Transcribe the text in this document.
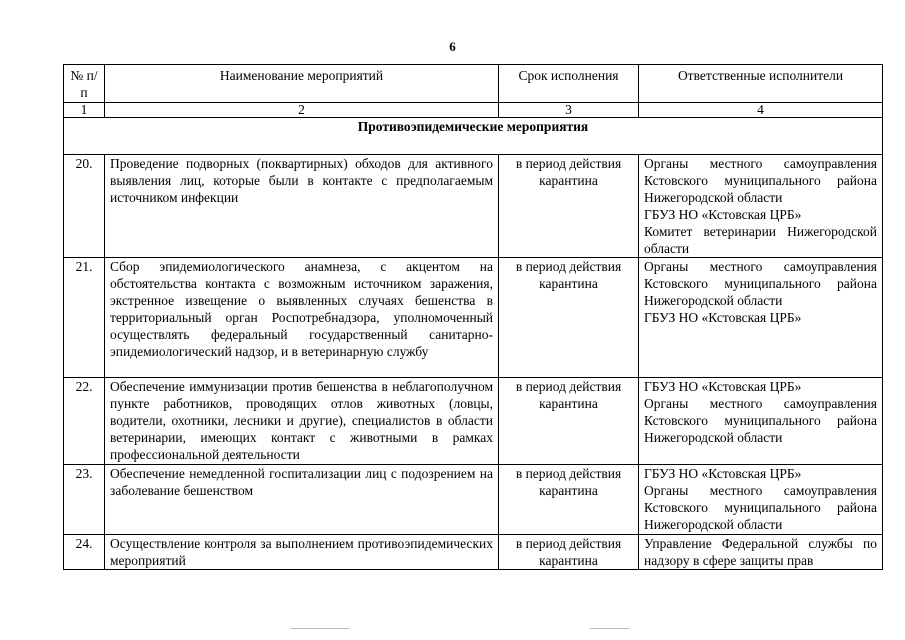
6
№ п/п	Наименование мероприятий	Срок исполнения	Ответственные исполнители
1	2	3	4
Противоэпидемические мероприятия			
20.	Проведение подворных (поквартирных) обходов для активного выявления лиц, которые были в контакте с предполагаемым источником инфекции	в период действия карантина	Органы местного самоуправления Кстовского муниципального района Нижегородской области
ГБУЗ НО «Кстовская ЦРБ»
Комитет ветеринарии Нижегородской области

21.	Сбор эпидемиологического анамнеза, с акцентом на обстоятельства контакта с возможным источником заражения, экстренное извещение о выявленных случаях бешенства в территориальный орган Роспотребнадзора, уполномоченный осуществлять федеральный государственный санитарно-эпидемиологический надзор, и в ветеринарную службу	в период действия карантина	Органы местного самоуправления Кстовского муниципального района Нижегородской области
ГБУЗ НО «Кстовская ЦРБ»

22.	Обеспечение иммунизации против бешенства в неблагополучном пункте работников, проводящих отлов животных (ловцы, водители, охотники, лесники и другие), специалистов в области ветеринарии, имеющих контакт с животными в рамках профессиональной деятельности	в период действия карантина	ГБУЗ НО «Кстовская ЦРБ»
Органы местного самоуправления Кстовского муниципального района Нижегородской области

23.	Обеспечение немедленной госпитализации лиц с подозрением на заболевание бешенством	в период действия карантина	ГБУЗ НО «Кстовская ЦРБ»
Органы местного самоуправления Кстовского муниципального района Нижегородской области

24.	Осуществление контроля за выполнением противоэпидемических мероприятий	в период действия карантина	Управление Федеральной службы по надзору в сфере защиты прав
